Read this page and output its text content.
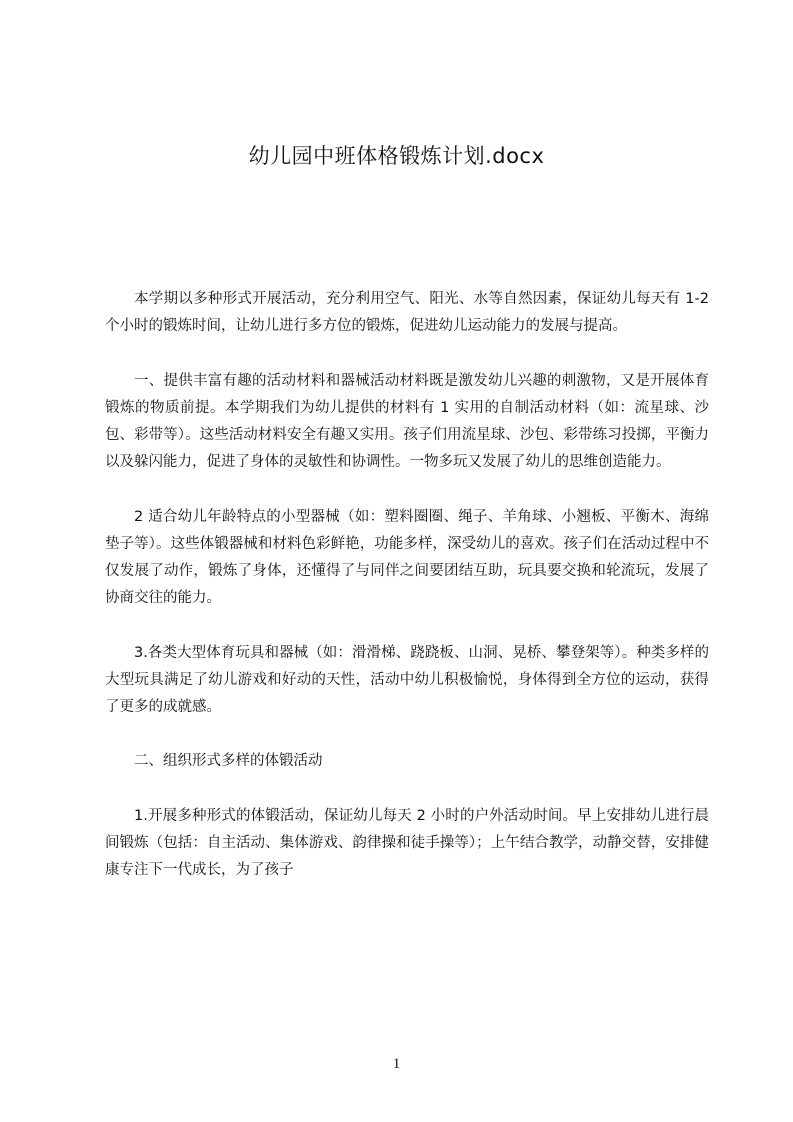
幼儿园中班体格锻炼计划.docx

本学期以多种形式开展活动，充分利用空气、阳光、水等自然因素，保证幼儿每天有 1-2 个小时的锻炼时间，让幼儿进行多方位的锻炼，促进幼儿运动能力的发展与提高。

一、提供丰富有趣的活动材料和器械活动材料既是激发幼儿兴趣的刺激物，又是开展体育锻炼的物质前提。本学期我们为幼儿提供的材料有 1 实用的自制活动材料（如：流星球、沙包、彩带等）。这些活动材料安全有趣又实用。孩子们用流星球、沙包、彩带练习投掷，平衡力以及躲闪能力，促进了身体的灵敏性和协调性。一物多玩又发展了幼儿的思维创造能力。

2 适合幼儿年龄特点的小型器械（如：塑料圈圈、绳子、羊角球、小翘板、平衡木、海绵垫子等）。这些体锻器械和材料色彩鲜艳，功能多样，深受幼儿的喜欢。孩子们在活动过程中不仅发展了动作，锻炼了身体，还懂得了与同伴之间要团结互助，玩具要交换和轮流玩，发展了协商交往的能力。

3.各类大型体育玩具和器械（如：滑滑梯、跷跷板、山洞、晃桥、攀登架等）。种类多样的大型玩具满足了幼儿游戏和好动的天性，活动中幼儿积极愉悦，身体得到全方位的运动，获得了更多的成就感。

二、组织形式多样的体锻活动

1.开展多种形式的体锻活动，保证幼儿每天 2 小时的户外活动时间。早上安排幼儿进行晨间锻炼（包括：自主活动、集体游戏、韵律操和徒手操等）；上午结合教学，动静交替，安排健康专注下一代成长，为了孩子

1
